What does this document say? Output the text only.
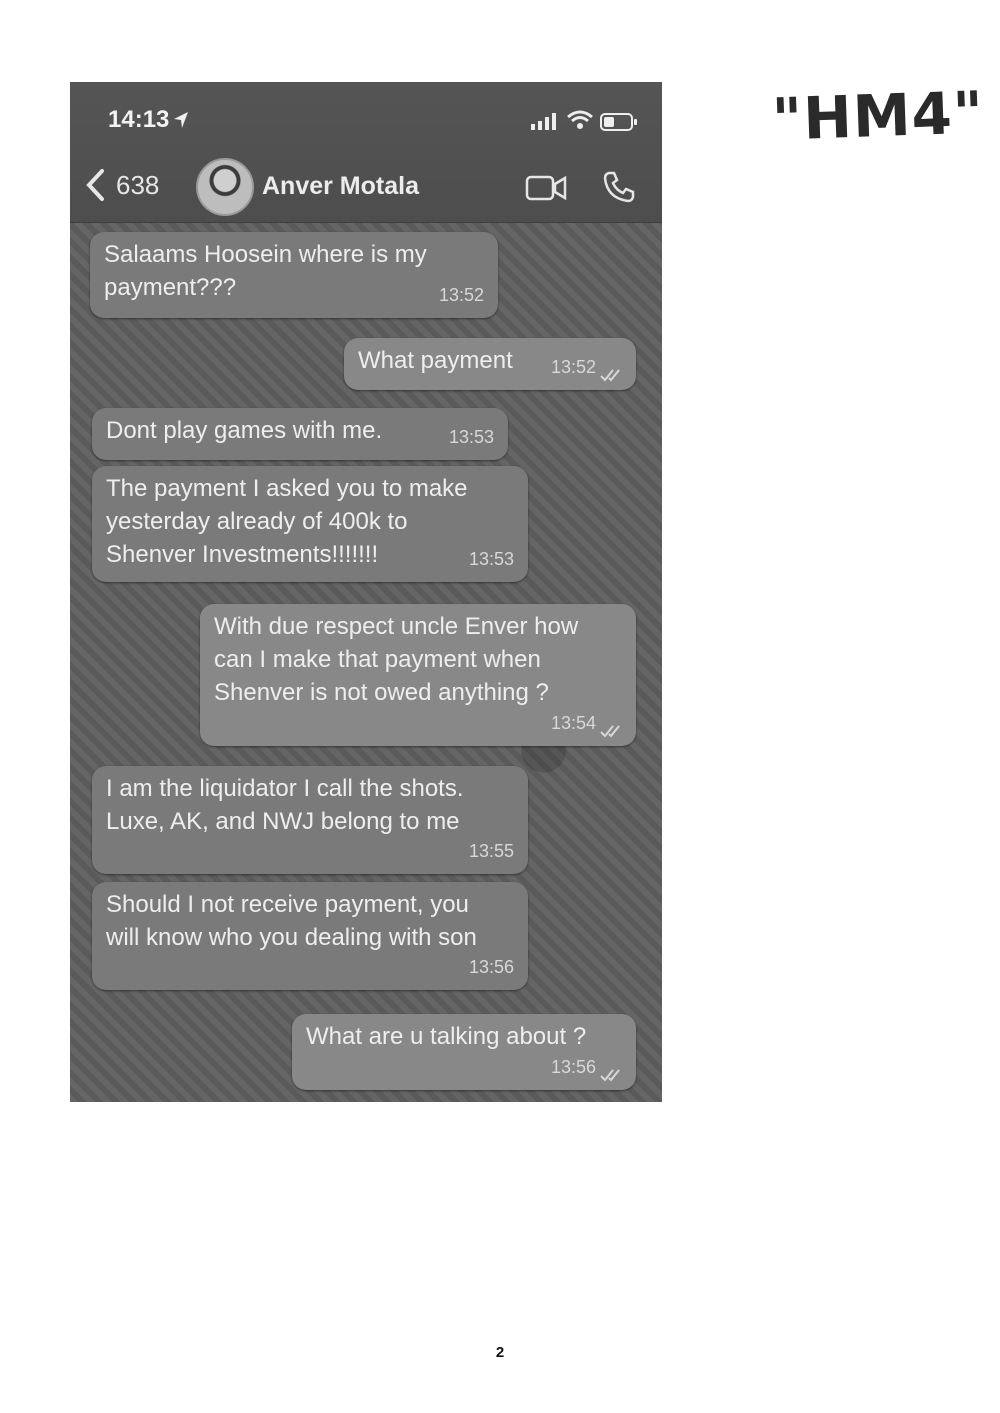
"HM4"
14:13
638	Anver Motala
Salaams Hoosein where is my
payment???	13:52
What payment	13:52
Dont play games with me.	13:53
The payment I asked you to make
yesterday already of 400k to
Shenver Investments!!!!!!!	13:53
With due respect uncle Enver how
can I make that payment when
Shenver is not owed anything ?
13:54
I am the liquidator I call the shots.
Luxe, AK, and NWJ belong to me
13:55
Should I not receive payment, you
will know who you dealing with son
13:56
What are u talking about ?
13:56
2
